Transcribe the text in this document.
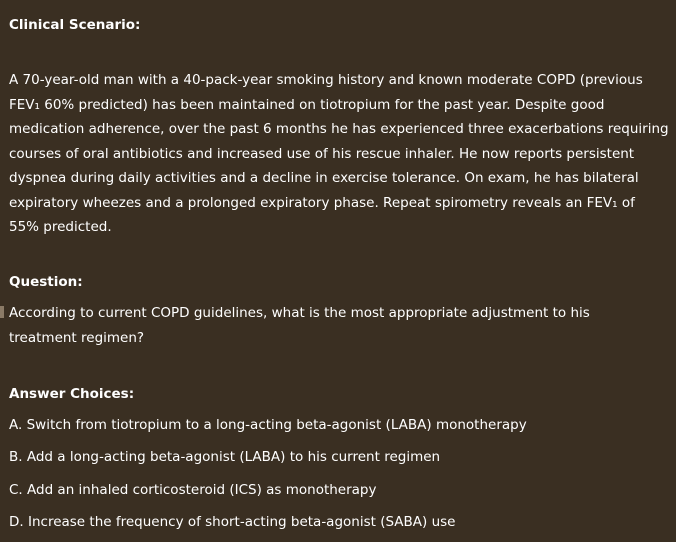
Clinical Scenario:

A 70-year-old man with a 40-pack-year smoking history and known moderate COPD (previous FEV₁ 60% predicted) has been maintained on tiotropium for the past year. Despite good medication adherence, over the past 6 months he has experienced three exacerbations requiring courses of oral antibiotics and increased use of his rescue inhaler. He now reports persistent dyspnea during daily activities and a decline in exercise tolerance. On exam, he has bilateral expiratory wheezes and a prolonged expiratory phase. Repeat spirometry reveals an FEV₁ of 55% predicted.

Question:

According to current COPD guidelines, what is the most appropriate adjustment to his treatment regimen?

Answer Choices:

A. Switch from tiotropium to a long-acting beta-agonist (LABA) monotherapy
B. Add a long-acting beta-agonist (LABA) to his current regimen
C. Add an inhaled corticosteroid (ICS) as monotherapy
D. Increase the frequency of short-acting beta-agonist (SABA) use
